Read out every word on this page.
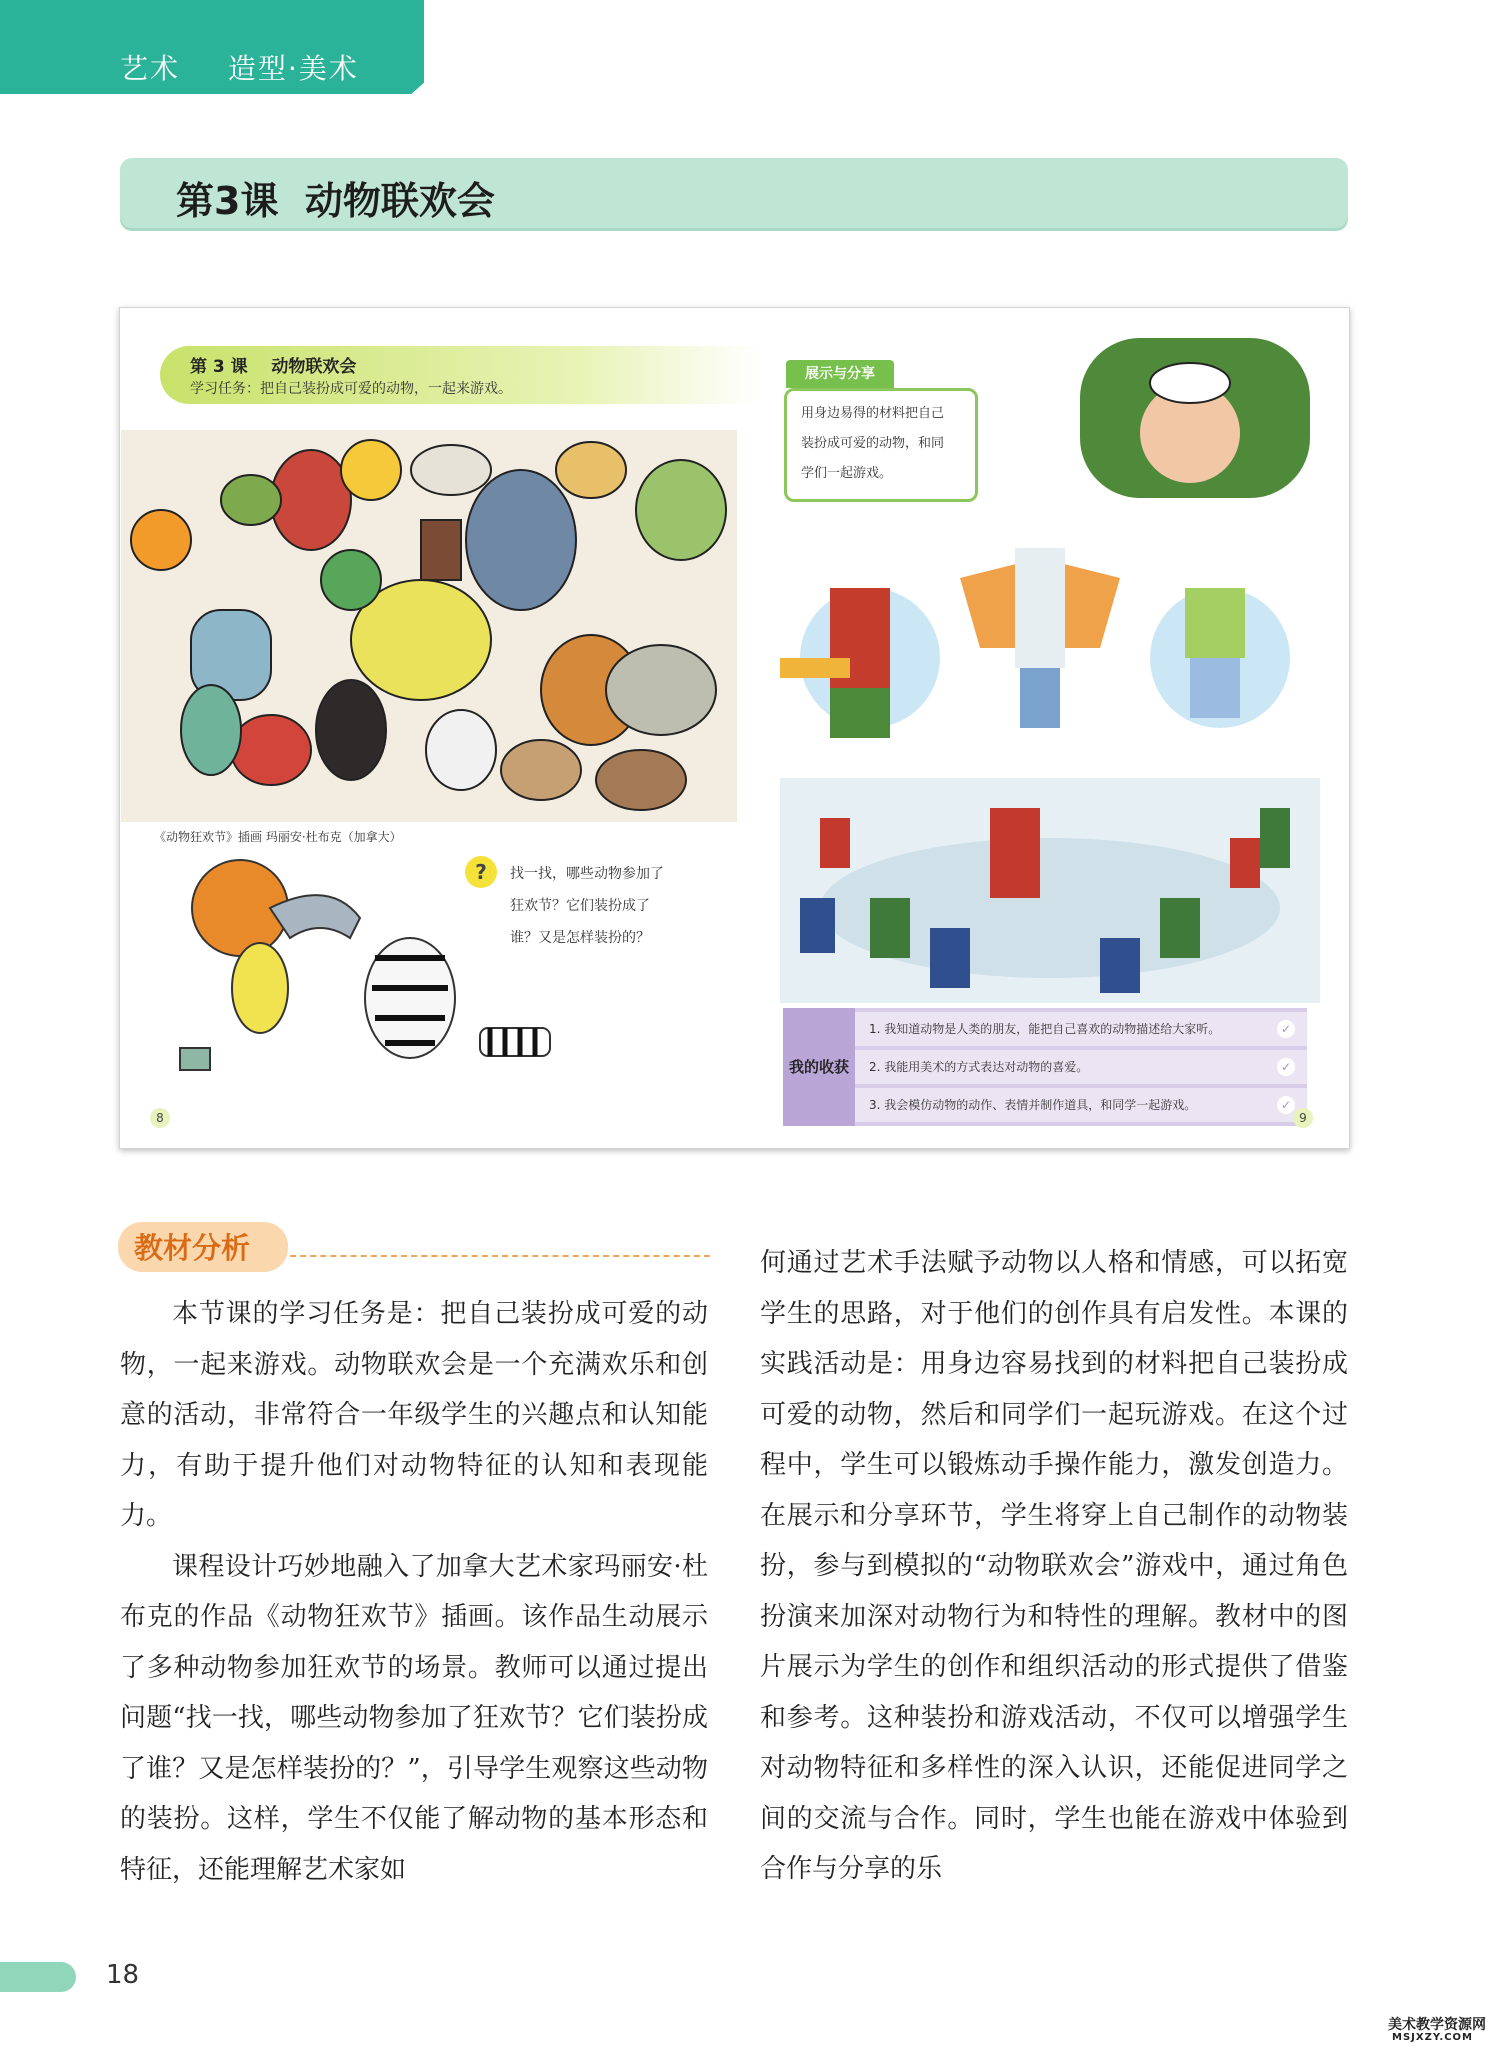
艺术 造型·美术
第3课  动物联欢会
第 3 课    动物联欢会
学习任务：把自己装扮成可爱的动物，一起来游戏。
《动物狂欢节》插画 玛丽安·杜布克（加拿大）
?	找一找，哪些动物参加了
狂欢节？它们装扮成了
谁？又是怎样装扮的？
展示与分享
用身边易得的材料把自己
装扮成可爱的动物，和同
学们一起游戏。
我的收获
1. 我知道动物是人类的朋友，能把自己喜欢的动物描述给大家听。	✓
2. 我能用美术的方式表达对动物的喜爱。	✓
3. 我会模仿动物的动作、表情并制作道具，和同学一起游戏。	✓
8	9
教材分析

本节课的学习任务是：把自己装扮成可爱的动物，一起来游戏。动物联欢会是一个充满欢乐和创意的活动，非常符合一年级学生的兴趣点和认知能力，有助于提升他们对动物特征的认知和表现能力。

课程设计巧妙地融入了加拿大艺术家玛丽安·杜布克的作品《动物狂欢节》插画。该作品生动展示了多种动物参加狂欢节的场景。教师可以通过提出问题“找一找，哪些动物参加了狂欢节？它们装扮成了谁？又是怎样装扮的？”，引导学生观察这些动物的装扮。这样，学生不仅能了解动物的基本形态和特征，还能理解艺术家如

何通过艺术手法赋予动物以人格和情感，可以拓宽学生的思路，对于他们的创作具有启发性。本课的实践活动是：用身边容易找到的材料把自己装扮成可爱的动物，然后和同学们一起玩游戏。在这个过程中，学生可以锻炼动手操作能力，激发创造力。在展示和分享环节，学生将穿上自己制作的动物装扮，参与到模拟的“动物联欢会”游戏中，通过角色扮演来加深对动物行为和特性的理解。教材中的图片展示为学生的创作和组织活动的形式提供了借鉴和参考。这种装扮和游戏活动，不仅可以增强学生对动物特征和多样性的深入认识，还能促进同学之间的交流与合作。同时，学生也能在游戏中体验到合作与分享的乐

18
美术教学资源网
MSJXZY.COM
